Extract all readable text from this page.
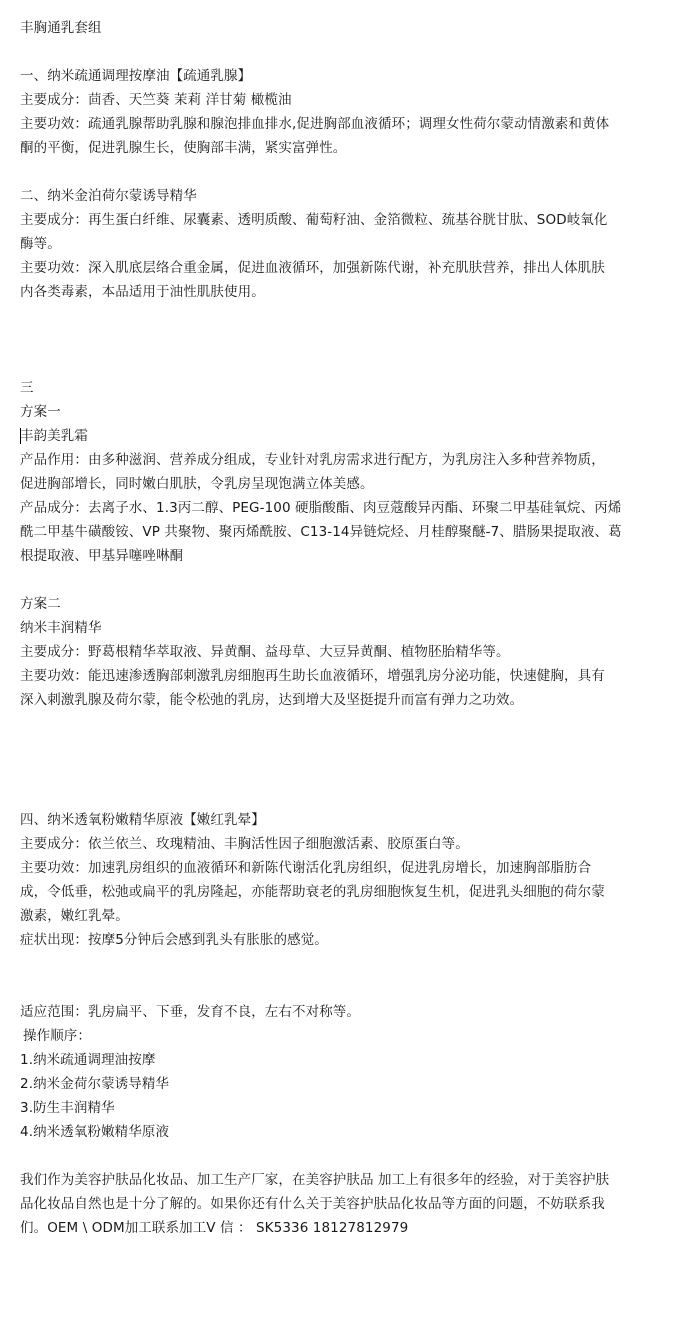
丰胸通乳套组
一、纳米疏通调理按摩油【疏通乳腺】
主要成分：茴香、天竺葵 茉莉 洋甘菊 橄榄油
主要功效：疏通乳腺帮助乳腺和腺泡排血排水,促进胸部血液循环；调理女性荷尔蒙动情激素和黄体
酮的平衡，促进乳腺生长，使胸部丰满，紧实富弹性。
二、纳米金泊荷尔蒙诱导精华
主要成分：再生蛋白纤维、尿囊素、透明质酸、葡萄籽油、金箔微粒、巯基谷胱甘肽、SOD岐氧化
酶等。
主要功效：深入肌底层络合重金属，促进血液循环，加强新陈代谢，补充肌肤营养，排出人体肌肤
内各类毒素，本品适用于油性肌肤使用。
三
方案一
丰韵美乳霜
产品作用：由多种滋润、营养成分组成，专业针对乳房需求进行配方，为乳房注入多种营养物质，
促进胸部增长，同时嫩白肌肤，令乳房呈现饱满立体美感。
产品成分：去离子水、1.3丙二醇、PEG-100 硬脂酸酯、肉豆蔻酸异丙酯、环聚二甲基硅氧烷、丙烯
酰二甲基牛磺酸铵、VP 共聚物、聚丙烯酰胺、C13-14异链烷烃、月桂醇聚醚-7、腊肠果提取液、葛
根提取液、甲基异噻唑啉酮
方案二
纳米丰润精华
主要成分：野葛根精华萃取液、异黄酮、益母草、大豆异黄酮、植物胚胎精华等。
主要功效：能迅速渗透胸部刺激乳房细胞再生助长血液循环，增强乳房分泌功能，快速健胸，具有
深入刺激乳腺及荷尔蒙，能令松弛的乳房，达到增大及坚挺提升而富有弹力之功效。
四、纳米透氧粉嫩精华原液【嫩红乳晕】
主要成分：依兰依兰、玫瑰精油、丰胸活性因子细胞激活素、胶原蛋白等。
主要功效：加速乳房组织的血液循环和新陈代谢活化乳房组织，促进乳房增长，加速胸部脂肪合
成，令低垂，松弛或扁平的乳房隆起，亦能帮助衰老的乳房细胞恢复生机，促进乳头细胞的荷尔蒙
激素，嫩红乳晕。
症状出现：按摩5分钟后会感到乳头有胀胀的感觉。
适应范围：乳房扁平、下垂，发育不良，左右不对称等。
操作顺序：
1.纳米疏通调理油按摩
2.纳米金荷尔蒙诱导精华
3.防生丰润精华
4.纳米透氧粉嫩精华原液
我们作为美容护肤品化妆品、加工生产厂家，在美容护肤品 加工上有很多年的经验，对于美容护肤
品化妆品自然也是十分了解的。如果你还有什么关于美容护肤品化妆品等方面的问题，不妨联系我
们。OEM \ ODM加工联系加工V 信 ： SK5336 18127812979
